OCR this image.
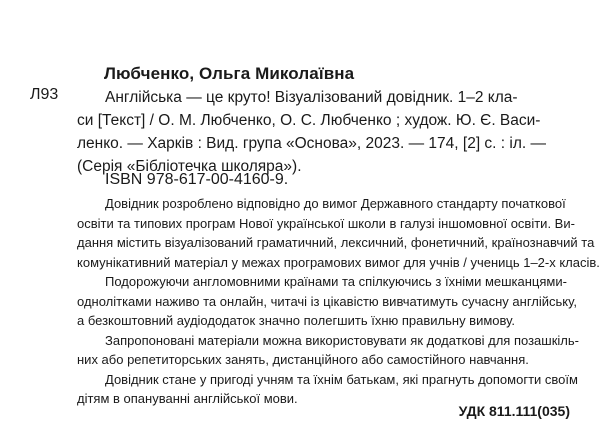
Любченко, Ольга Миколаївна
Л93	Англійська — це круто! Візуалізований довідник. 1–2 кла-
си [Текст] / О. М. Любченко, О. С. Любченко ; худож. Ю. Є. Васи-
ленко. — Харків : Вид. група «Основа», 2023. — 174, [2] с. : іл. —
(Серія «Бібліотечка школяра»).
ISBN 978-617-00-4160-9.
Довідник розроблено відповідно до вимог Державного стандарту початкової
освіти та типових програм Нової української школи в галузі іншомовної освіти. Ви-
дання містить візуалізований граматичний, лексичний, фонетичний, країнознавчий та
комунікативний матеріал у межах програмових вимог для учнів / учениць 1–2-х класів.
Подорожуючи англомовними країнами та спілкуючись з їхніми мешканцями-
однолітками наживо та онлайн, читачі із цікавістю вивчатимуть сучасну англійську,
а безкоштовний аудіододаток значно полегшить їхню правильну вимову.
Запропоновані матеріали можна використовувати як додаткові для позашкіль-
них або репетиторських занять, дистанційного або самостійного навчання.
Довідник стане у пригоді учням та їхнім батькам, які прагнуть допомогти своїм
дітям в опануванні англійської мови.
УДК 811.111(035)
